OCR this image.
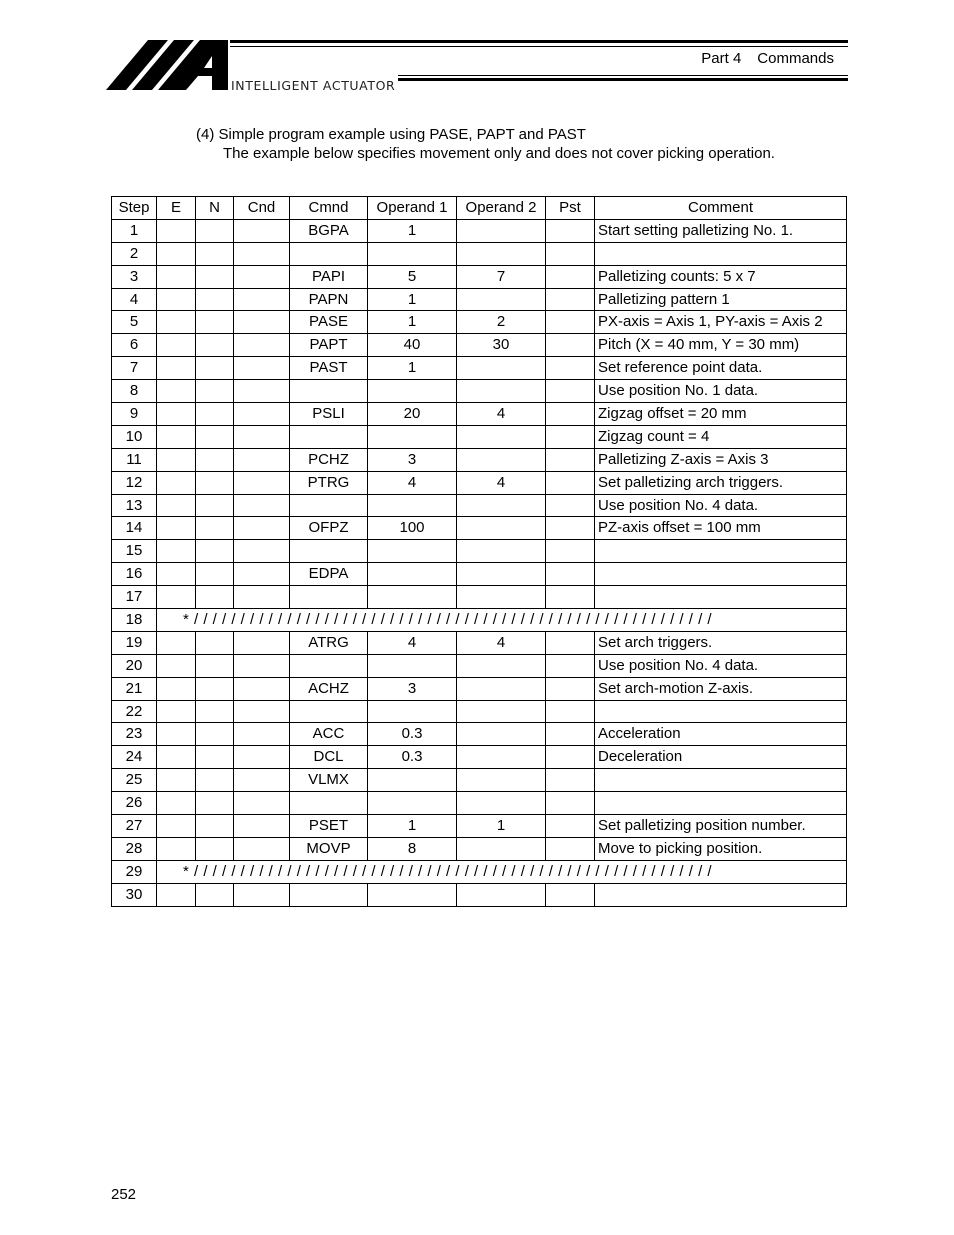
INTELLIGENT ACTUATOR
Part 4 Commands
(4) Simple program example using PASE, PAPT and PAST
The example below specifies movement only and does not cover picking operation.
Step	E	N	Cnd	Cmnd	Operand 1	Operand 2	Pst	Comment
1				BGPA	1			Start setting palletizing No. 1.
2								
3				PAPI	5	7		Palletizing counts: 5 x 7
4				PAPN	1			Palletizing pattern 1
5				PASE	1	2		PX-axis = Axis 1, PY-axis = Axis 2
6				PAPT	40	30		Pitch (X = 40 mm, Y = 30 mm)
7				PAST	1			Set reference point data.
8								Use position No. 1 data.
9				PSLI	20	4		Zigzag offset = 20 mm
10								Zigzag count = 4
11				PCHZ	3			Palletizing Z-axis = Axis 3
12				PTRG	4	4		Set palletizing arch triggers.
13								Use position No. 4 data.
14				OFPZ	100			PZ-axis offset = 100 mm
15								
16				EDPA				
17								
18	* / / / / / / / / / / / / / / / / / / / / / / / / / / / / / / / / / / / / / / / / / / / / / / / / / / / / / / / /							
19				ATRG	4	4		Set arch triggers.
20								Use position No. 4 data.
21				ACHZ	3			Set arch-motion Z-axis.
22								
23				ACC	0.3			Acceleration
24				DCL	0.3			Deceleration
25				VLMX				
26								
27				PSET	1	1		Set palletizing position number.
28				MOVP	8			Move to picking position.
29	* / / / / / / / / / / / / / / / / / / / / / / / / / / / / / / / / / / / / / / / / / / / / / / / / / / / / / / / /							
30								
252
